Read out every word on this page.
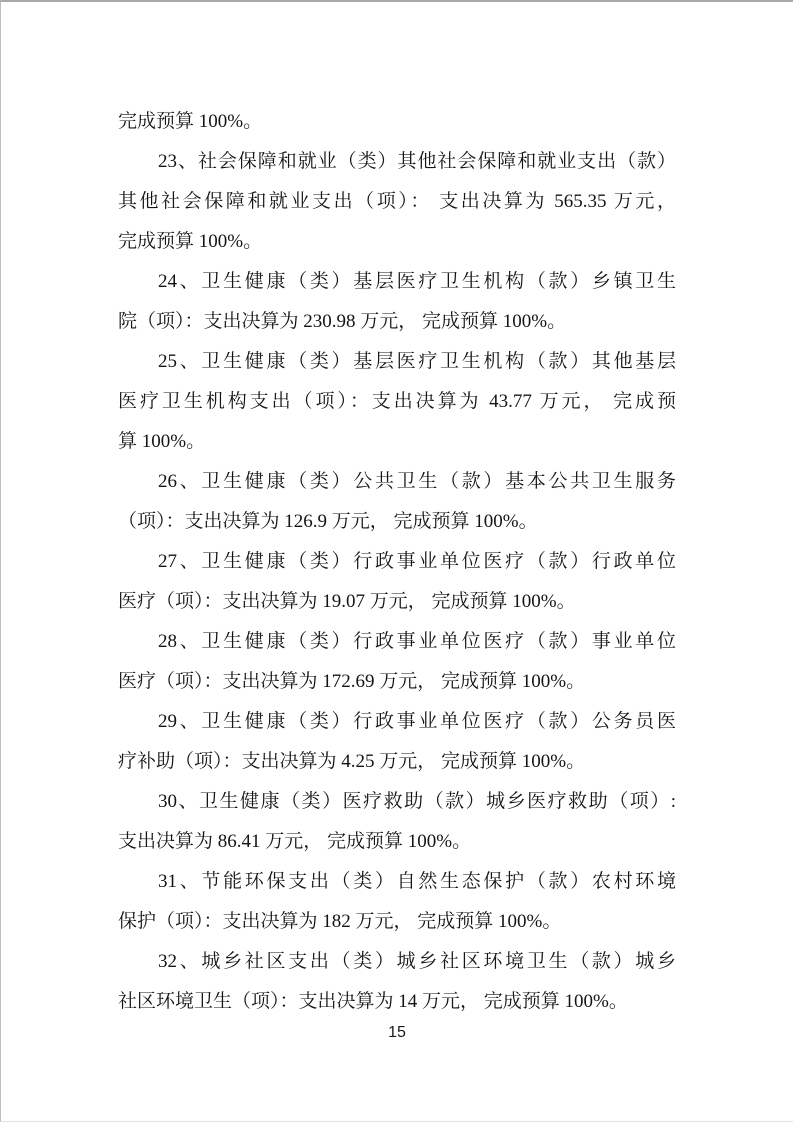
完成预算 100%。
23、社会保障和就业（类）其他社会保障和就业支出（款）
其他社会保障和就业支出（项）： 支出决算为 565.35 万元，
完成预算 100%。
24、卫生健康（类）基层医疗卫生机构（款）乡镇卫生
院（项）：支出决算为 230.98 万元， 完成预算 100%。
25、卫生健康（类）基层医疗卫生机构（款）其他基层
医疗卫生机构支出（项）：支出决算为 43.77 万元， 完成预
算 100%。
26、卫生健康（类）公共卫生（款）基本公共卫生服务
（项）：支出决算为 126.9 万元， 完成预算 100%。
27、卫生健康（类）行政事业单位医疗（款）行政单位
医疗（项）：支出决算为 19.07 万元， 完成预算 100%。
28、卫生健康（类）行政事业单位医疗（款）事业单位
医疗（项）：支出决算为 172.69 万元， 完成预算 100%。
29、卫生健康（类）行政事业单位医疗（款）公务员医
疗补助（项）：支出决算为 4.25 万元， 完成预算 100%。
30、卫生健康（类）医疗救助（款）城乡医疗救助（项）:
支出决算为 86.41 万元， 完成预算 100%。
31、节能环保支出（类）自然生态保护（款）农村环境
保护（项）：支出决算为 182 万元， 完成预算 100%。
32、城乡社区支出（类）城乡社区环境卫生（款）城乡
社区环境卫生（项）：支出决算为 14 万元， 完成预算 100%。
15
